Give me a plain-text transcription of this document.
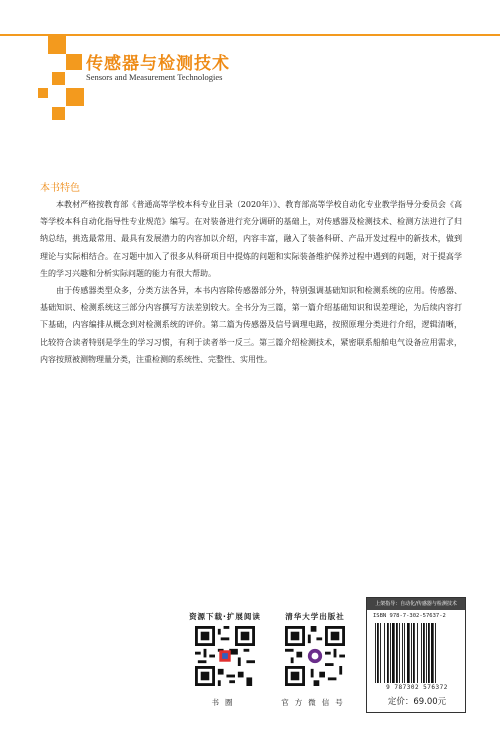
传感器与检测技术
Sensors and Measurement Technologies
本书特色

本教材严格按教育部《普通高等学校本科专业目录（2020年）》、教育部高等学校自动化专业教学指导分委员会《高等学校本科自动化指导性专业规范》编写。在对装备进行充分调研的基础上，对传感器及检测技术、检测方法进行了归纳总结，挑选最常用、最具有发展潜力的内容加以介绍，内容丰富，融入了装备科研、产品开发过程中的新技术，做到理论与实际相结合。在习题中加入了很多从科研项目中提炼的问题和实际装备维护保养过程中遇到的问题，对于提高学生的学习兴趣和分析实际问题的能力有很大帮助。

由于传感器类型众多，分类方法各异，本书内容除传感器部分外，特别强调基础知识和检测系统的应用。传感器、基础知识、检测系统这三部分内容撰写方法差别较大。全书分为三篇，第一篇介绍基础知识和误差理论，为后续内容打下基础，内容编排从概念到对检测系统的评价。第二篇为传感器及信号调理电路，按照原理分类进行介绍，逻辑清晰，比较符合读者特别是学生的学习习惯，有利于读者举一反三。第三篇介绍检测技术，紧密联系船舶电气设备应用需求，内容按照被测物理量分类，注重检测的系统性、完整性、实用性。

资源下载·扩展阅读
书圈
清华大学出版社
官方微信号
上架指导：自动化/传感器与检测技术
ISBN 978-7-302-57637-2
9 787302 576372
定价：69.00元
